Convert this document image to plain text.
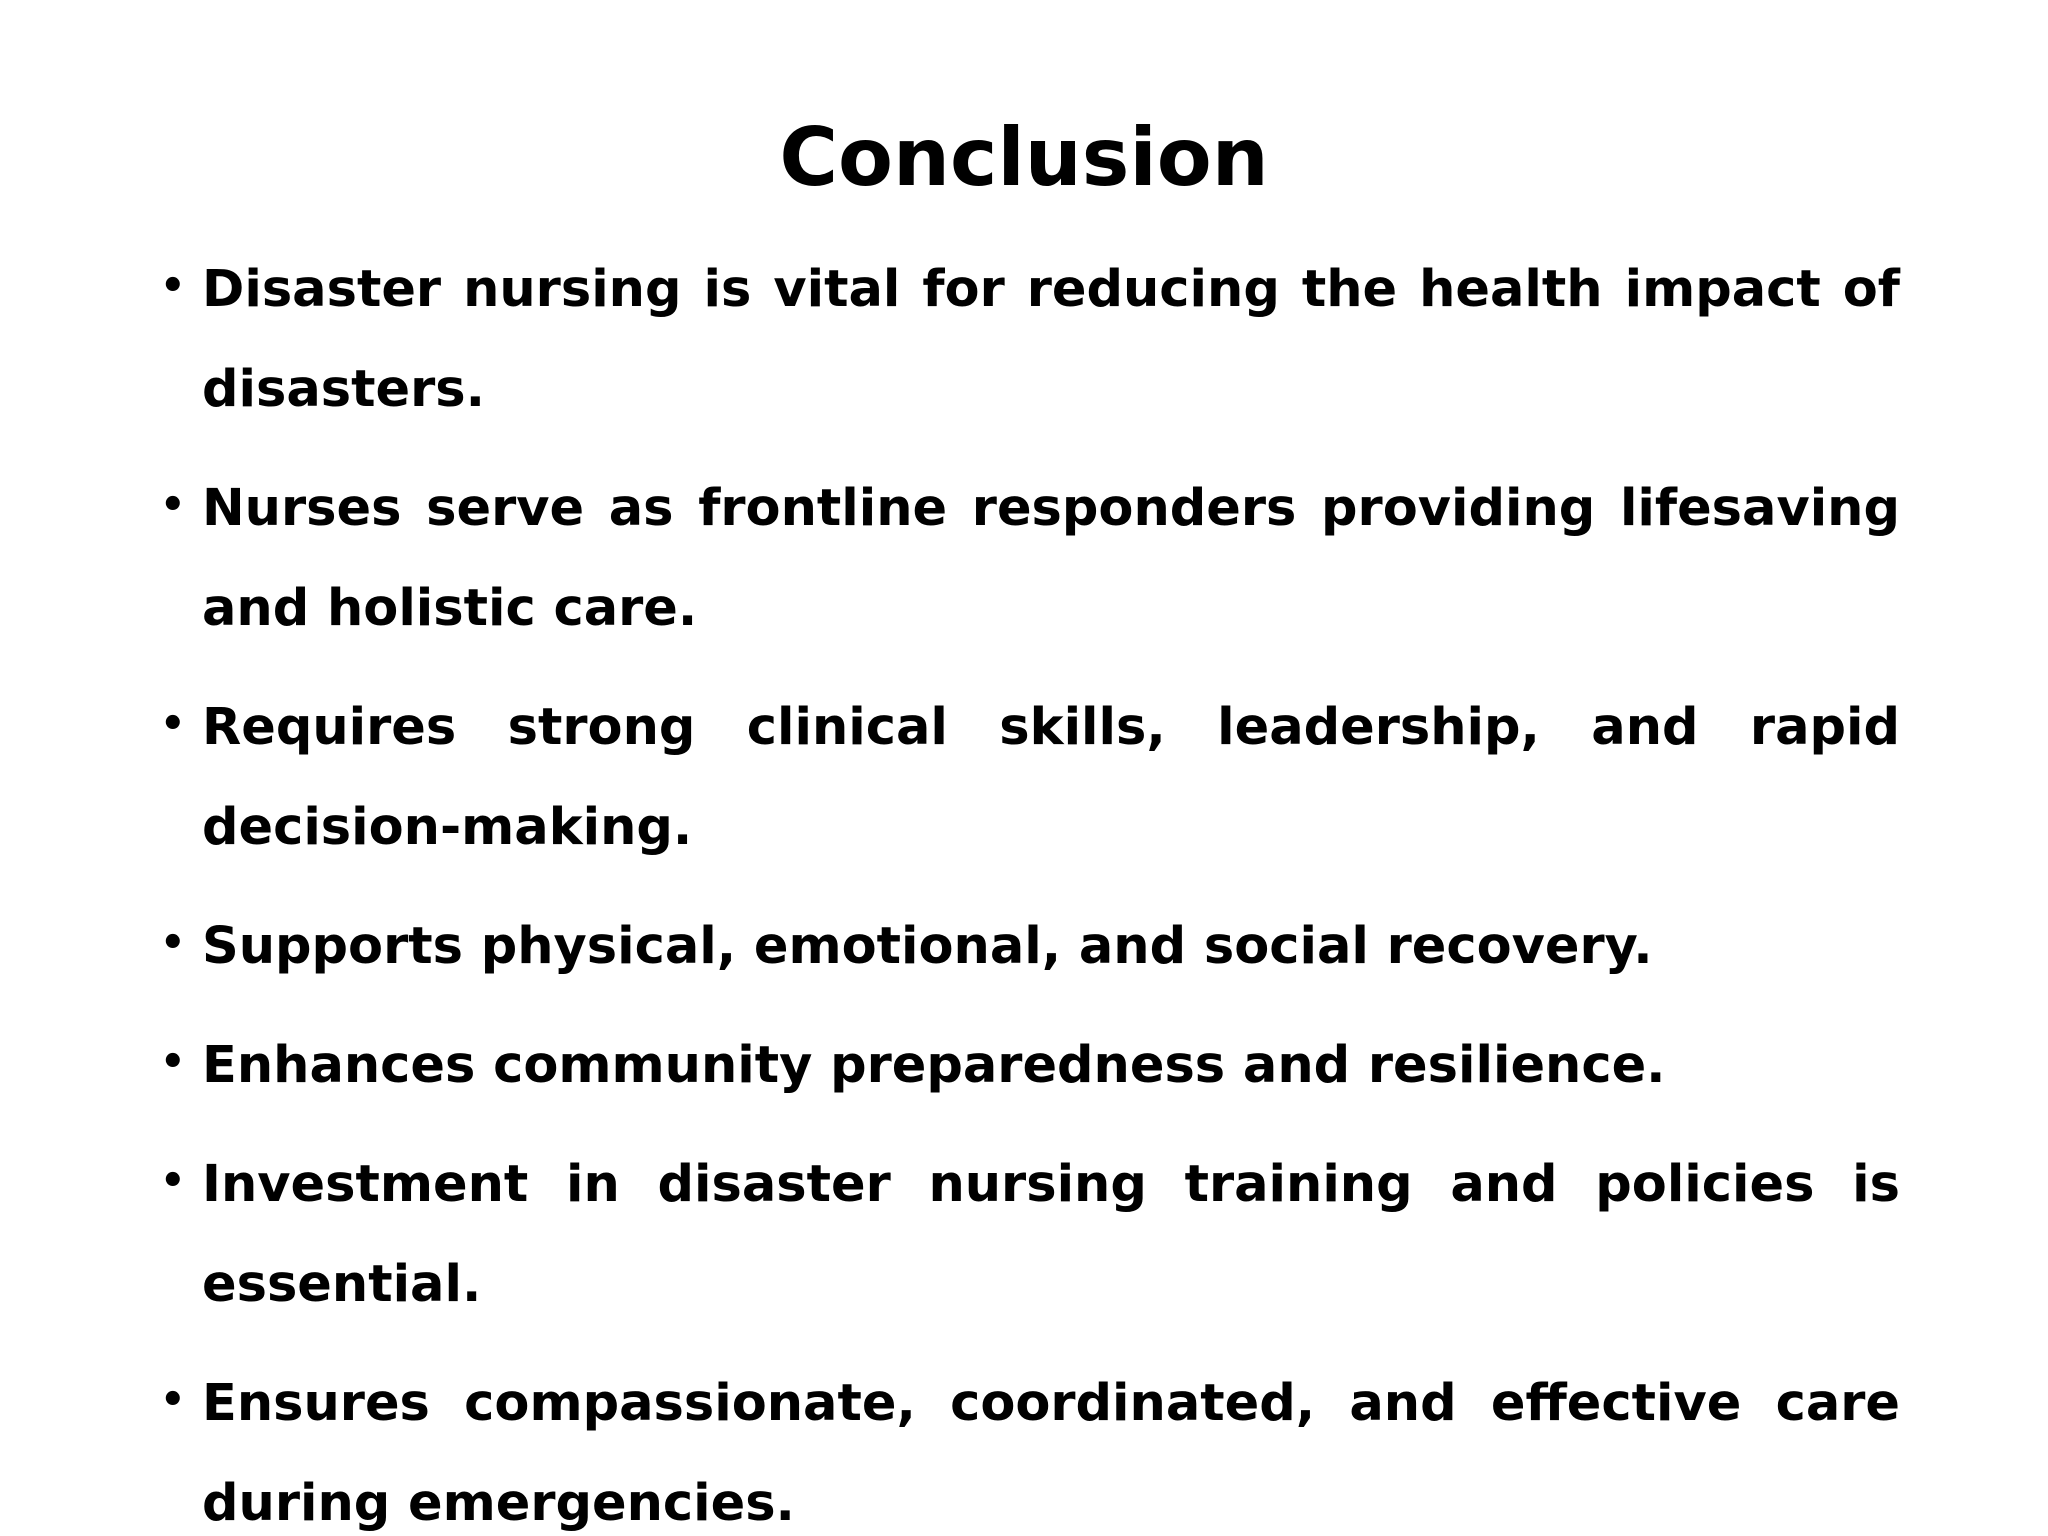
Conclusion
• Disaster nursing is vital for reducing the health impact of disasters.
• Nurses serve as frontline responders providing lifesaving and holistic care.
• Requires strong clinical skills, leadership, and rapid decision-making.
• Supports physical, emotional, and social recovery.
• Enhances community preparedness and resilience.
• Investment in disaster nursing training and policies is essential.
• Ensures compassionate, coordinated, and effective care during emergencies.
